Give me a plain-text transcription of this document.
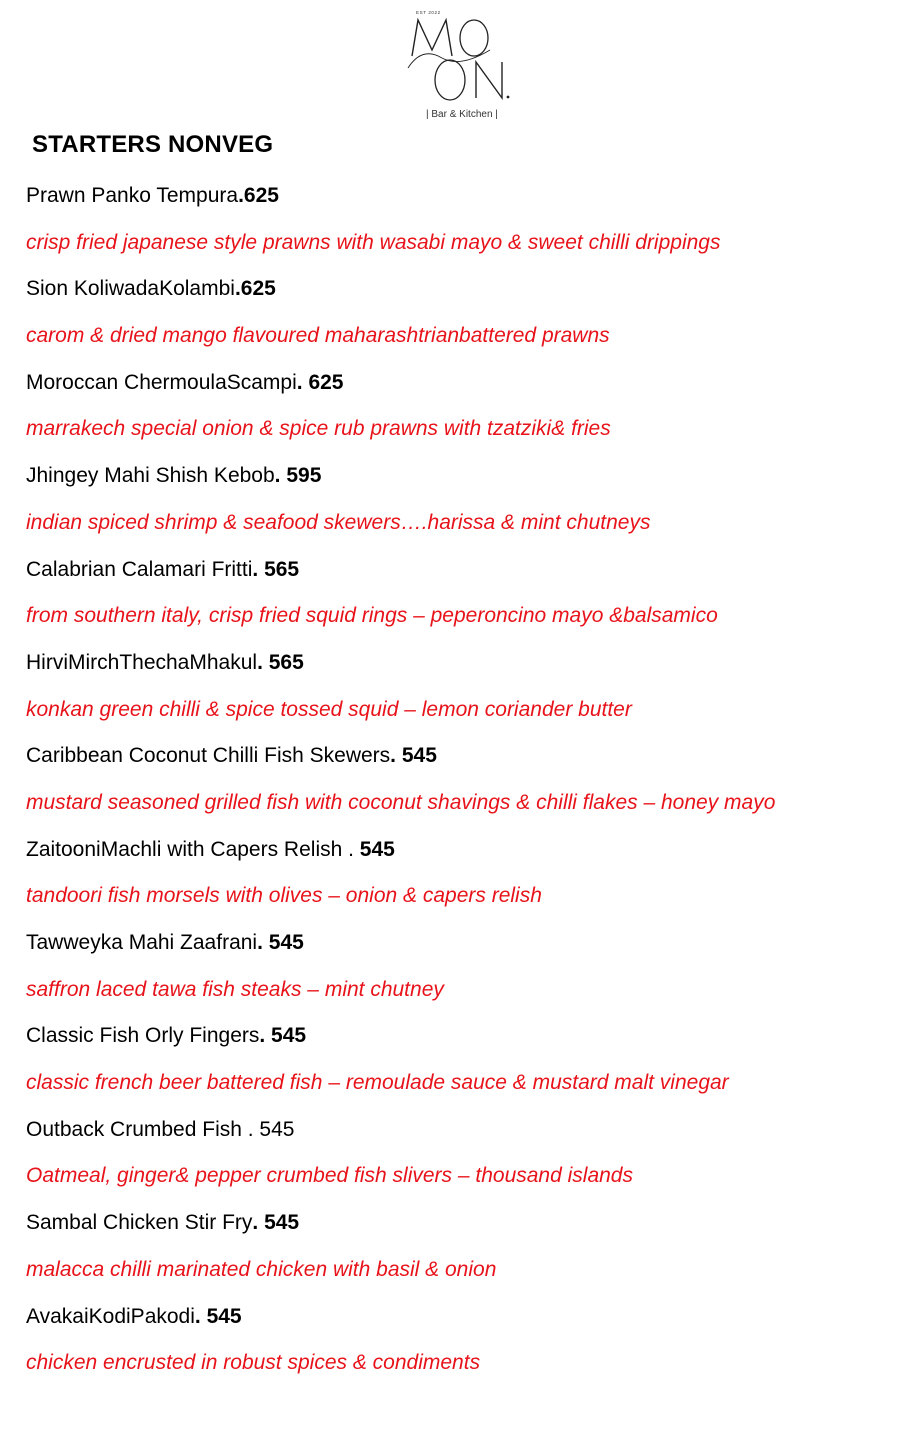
EST 2022
| Bar & Kitchen |
STARTERS NONVEG
Prawn Panko Tempura.625
crisp fried japanese style prawns with wasabi mayo & sweet chilli drippings
Sion KoliwadaKolambi.625
carom & dried mango flavoured maharashtrianbattered prawns
Moroccan ChermoulaScampi. 625
marrakech special onion & spice rub prawns with tzatziki& fries
Jhingey Mahi Shish Kebob. 595
indian spiced shrimp & seafood skewers….harissa & mint chutneys
Calabrian Calamari Fritti. 565
from southern italy, crisp fried squid rings – peperoncino mayo &balsamico
HirviMirchThechaMhakul. 565
konkan green chilli & spice tossed squid – lemon coriander butter
Caribbean Coconut Chilli Fish Skewers. 545
mustard seasoned grilled fish with coconut shavings & chilli flakes – honey mayo
ZaitooniMachli with Capers Relish . 545
tandoori fish morsels with olives – onion & capers relish
Tawweyka Mahi Zaafrani. 545
saffron laced tawa fish steaks – mint chutney
Classic Fish Orly Fingers. 545
classic french beer battered fish – remoulade sauce & mustard malt vinegar
Outback Crumbed Fish . 545
Oatmeal, ginger& pepper crumbed fish slivers – thousand islands
Sambal Chicken Stir Fry. 545
malacca chilli marinated chicken with basil & onion
AvakaiKodiPakodi. 545
chicken encrusted in robust spices & condiments
